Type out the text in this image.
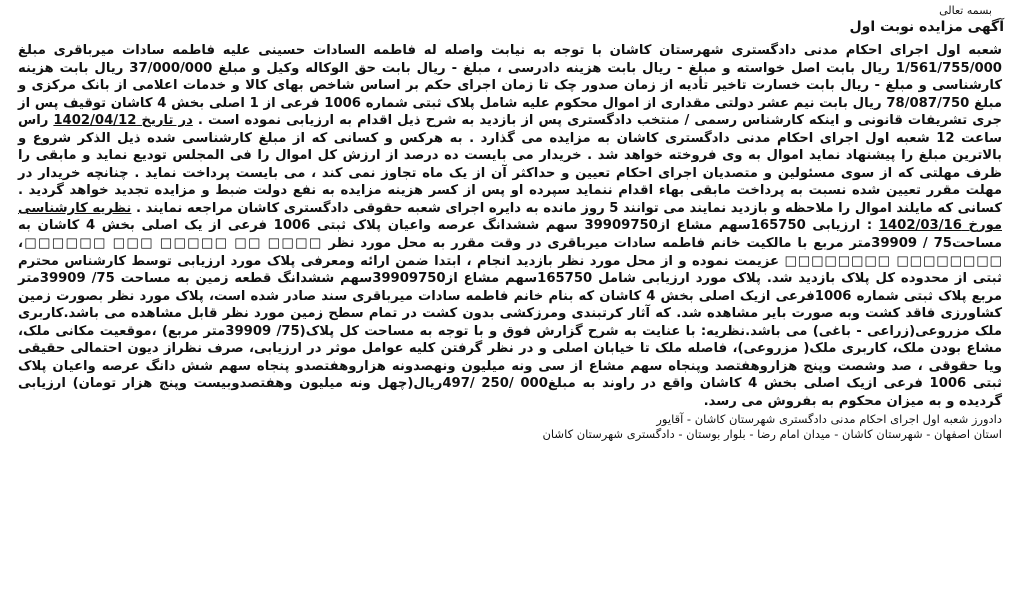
بسمه تعالی
آگهی مزایده نوبت اول
شعبه اول اجرای احکام مدنی دادگستری شهرستان کاشان با توجه به نیابت واصله له فاطمه السادات حسینی علیه فاطمه سادات میرباقری مبلغ 1/561/755/000 ریال بابت اصل خواسته و مبلغ - ریال بابت هزینه دادرسی ، مبلغ - ریال بابت حق الوکاله وکیل و مبلغ 37/000/000 ریال بابت هزینه کارشناسی و مبلغ - ریال بابت خسارت تاخیر تأدیه از زمان صدور چک تا زمان اجرای حکم بر اساس شاخص بهای کالا و خدمات اعلامی از بانک مرکزی و مبلغ 78/087/750 ریال بابت نیم عشر دولتی مقداری از اموال محکوم علیه شامل پلاک ثبتی شماره 1006 فرعی از 1 اصلی بخش 4 کاشان توقیف پس از جری تشریفات قانونی و اینکه کارشناس رسمی / منتخب دادگستری پس از بازدید به شرح ذیل اقدام به ارزیابی نموده است . در تاریخ 1402/04/12 راس ساعت 12 شعبه اول اجرای احکام مدنی دادگستری کاشان به مزایده می گذارد . به هرکس و کسانی که از مبلغ کارشناسی شده ذیل الذکر شروع و بالاترین مبلغ را پیشنهاد نماید اموال به وی فروخته خواهد شد . خریدار می بایست ده درصد از ارزش کل اموال را فی المجلس تودیع نماید و مابقی را ظرف مهلتی که از سوی مسئولین و متصدیان اجرای احکام تعیین و حداکثر آن از یک ماه تجاوز نمی کند ، می بایست پرداخت نماید . چنانچه خریدار در مهلت مقرر تعیین شده نسبت به پرداخت مابقی بهاء اقدام ننماید سپرده او پس از کسر هزینه مزایده به نفع دولت ضبط و مزایده تجدید خواهد گردید . کسانی که مایلند اموال را ملاحظه و بازدید نمایند می توانند 5 روز مانده به دایره اجرای شعبه حقوقی دادگستری کاشان مراجعه نمایند . نظریه کارشناسی مورخ 1402/03/16 : ارزیابی 165750سهم مشاع از39909750 سهم ششدانگ عرصه واعیان پلاک ثبتی 1006 فرعی از یک اصلی بخش 4 کاشان به مساحت75 / 39909متر مربع با مالکیت خانم فاطمه سادات میرباقری در وقت مقرر به محل مورد نظر □□□□ □□ □□□□□ □□□ □□□□□□، □□□□□□□□ □□□□□□□□ عزیمت نموده و از محل مورد نظر بازدید انجام ، ابتدا ضمن ارائه ومعرفی پلاک مورد ارزیابی توسط کارشناس محترم ثبتی از محدوده کل پلاک بازدید شد. پلاک مورد ارزیابی شامل 165750سهم مشاع از39909750سهم ششدانگ قطعه زمین به مساحت 75/ 39909متر مربع پلاک ثبتی شماره 1006فرعی ازیک اصلی بخش 4 کاشان که بنام خانم فاطمه سادات میرباقری سند صادر شده است، پلاک مورد نظر بصورت زمین کشاورزی فاقد کشت وبه صورت بایر مشاهده شد. که آثار کرتبندی ومرزکشی بدون کشت در تمام سطح زمین مورد نظر قابل مشاهده می باشد.کاربری ملک مزروعی(زراعی - باغی) می باشد.نظریه: با عنایت به شرح گزارش فوق و با توجه به مساحت کل پلاک(75/ 39909متر مربع) ،موقعیت مکانی ملک، مشاع بودن ملک، کاربری ملک( مزروعی)، فاصله ملک تا خیابان اصلی و در نظر گرفتن کلیه عوامل موثر در ارزیابی، صرف نظراز دیون احتمالی حقیقی ویا حقوقی ، صد وشصت وپنج هزاروهفتصد وپنجاه سهم مشاع از سی ونه میلیون ونهصدونه هزاروهفتصدو پنجاه سهم شش دانگ عرصه واعیان پلاک ثبتی 1006 فرعی ازیک اصلی بخش 4 کاشان واقع در راوند به مبلغ000 /250 /497ریال(چهل ونه میلیون وهفتصدوبیست وپنج هزار تومان) ارزیابی گردیده و به میزان محکوم به بفروش می رسد.
دادورز شعبه اول اجرای احکام مدنی دادگستری شهرستان کاشان - آقایور
استان اصفهان - شهرستان کاشان - میدان امام رضا - بلوار بوستان - دادگستری شهرستان کاشان
